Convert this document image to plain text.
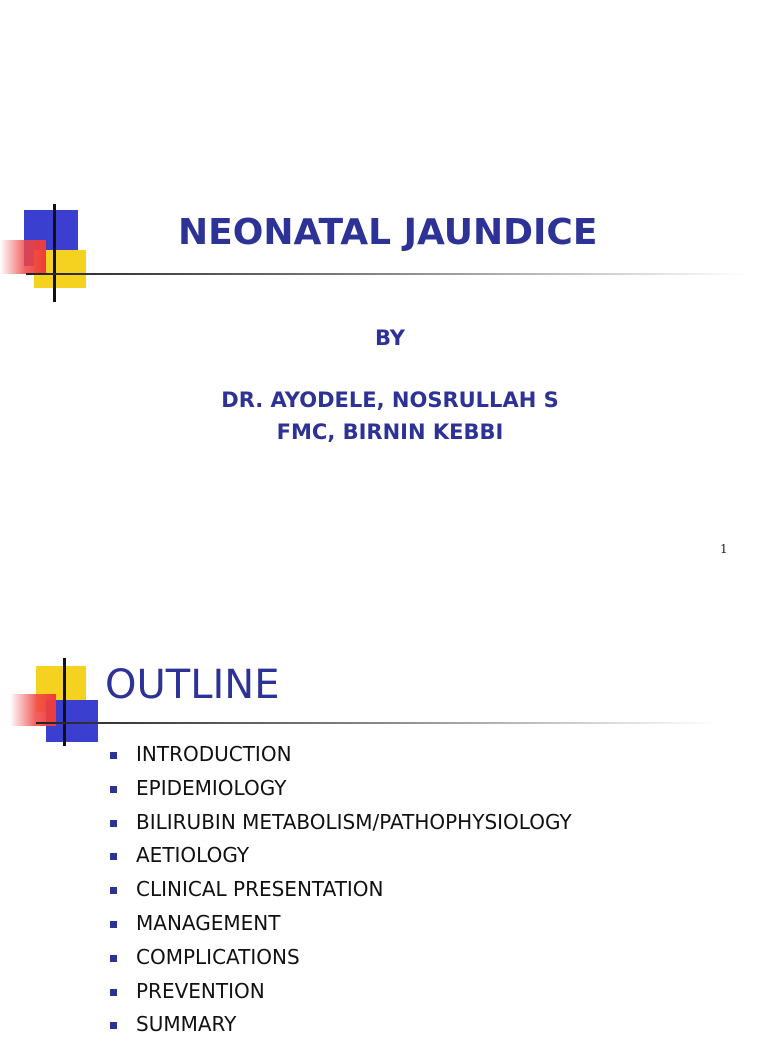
NEONATAL JAUNDICE
BY
DR. AYODELE, NOSRULLAH S
FMC, BIRNIN KEBBI
1
OUTLINE
INTRODUCTION
EPIDEMIOLOGY
BILIRUBIN METABOLISM/PATHOPHYSIOLOGY
AETIOLOGY
CLINICAL PRESENTATION
MANAGEMENT
COMPLICATIONS
PREVENTION
SUMMARY
